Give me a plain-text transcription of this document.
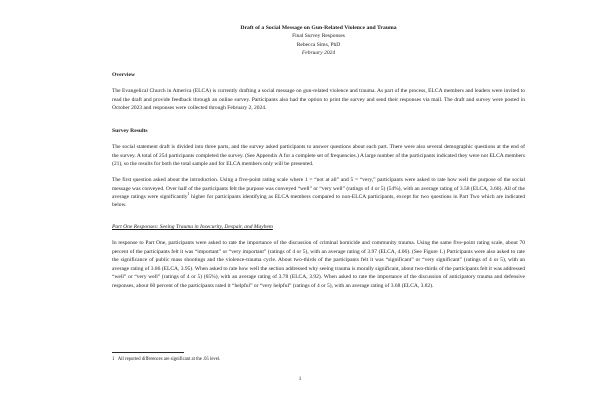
Draft of a Social Message on Gun-Related Violence and Trauma
Final Survey Responses
Rebecca Sims, PhD
February 2024
Overview

The Evangelical Church in America (ELCA) is currently drafting a social message on gun-related violence and trauma. As part of the process, ELCA members and leaders were invited to read the draft and provide feedback through an online survey. Participants also had the option to print the survey and send their responses via mail. The draft and survey were posted in October 2023 and responses were collected through February 2, 2024.

Survey Results

The social statement draft is divided into three parts, and the survey asked participants to answer questions about each part. There were also several demographic questions at the end of the survey. A total of 254 participants completed the survey. (See Appendix A for a complete set of frequencies.) A large number of the participants indicated they were not ELCA members (21), so the results for both the total sample and for ELCA members only will be presented.

The first question asked about the introduction. Using a five-point rating scale where 1 = “not at all” and 5 = “very,” participants were asked to rate how well the purpose of the social message was conveyed. Over half of the participants felt the purpose was conveyed “well” or “very well” (ratings of 4 or 5) (54%), with an average rating of 3.58 (ELCA, 3.66). All of the average ratings were significantly$^1$ higher for participants identifying as ELCA members compared to non-ELCA participants, except for two questions in Part Two which are indicated below.

Part One Responses: Seeing Trauma in Insecurity, Despair, and Mayhem

In response to Part One, participants were asked to rate the importance of the discussion of criminal homicide and community trauma. Using the same five-point rating scale, about 70 percent of the participants felt it was “important” or “very important” (ratings of 4 or 5), with an average rating of 3.97 (ELCA, 4.06). (See Figure 1.) Participants were also asked to rate the significance of public mass shootings and the violence-trauma cycle. About two-thirds of the participants felt it was “significant” or “very significant” (ratings of 4 or 5), with an average rating of 3.86 (ELCA, 3.95). When asked to rate how well the section addressed why seeing trauma is morally significant, about two-thirds of the participants felt it was addressed “well” or “very well” (ratings of 4 or 5) (65%), with an average rating of 3.78 (ELCA, 3.92). When asked to rate the importance of the discussion of anticipatory trauma and defensive responses, about 60 percent of the participants rated it “helpful” or “very helpful” (ratings of 4 or 5), with an average rating of 3.68 (ELCA, 3.82).

1 All reported differences are significant at the .05 level.
1
